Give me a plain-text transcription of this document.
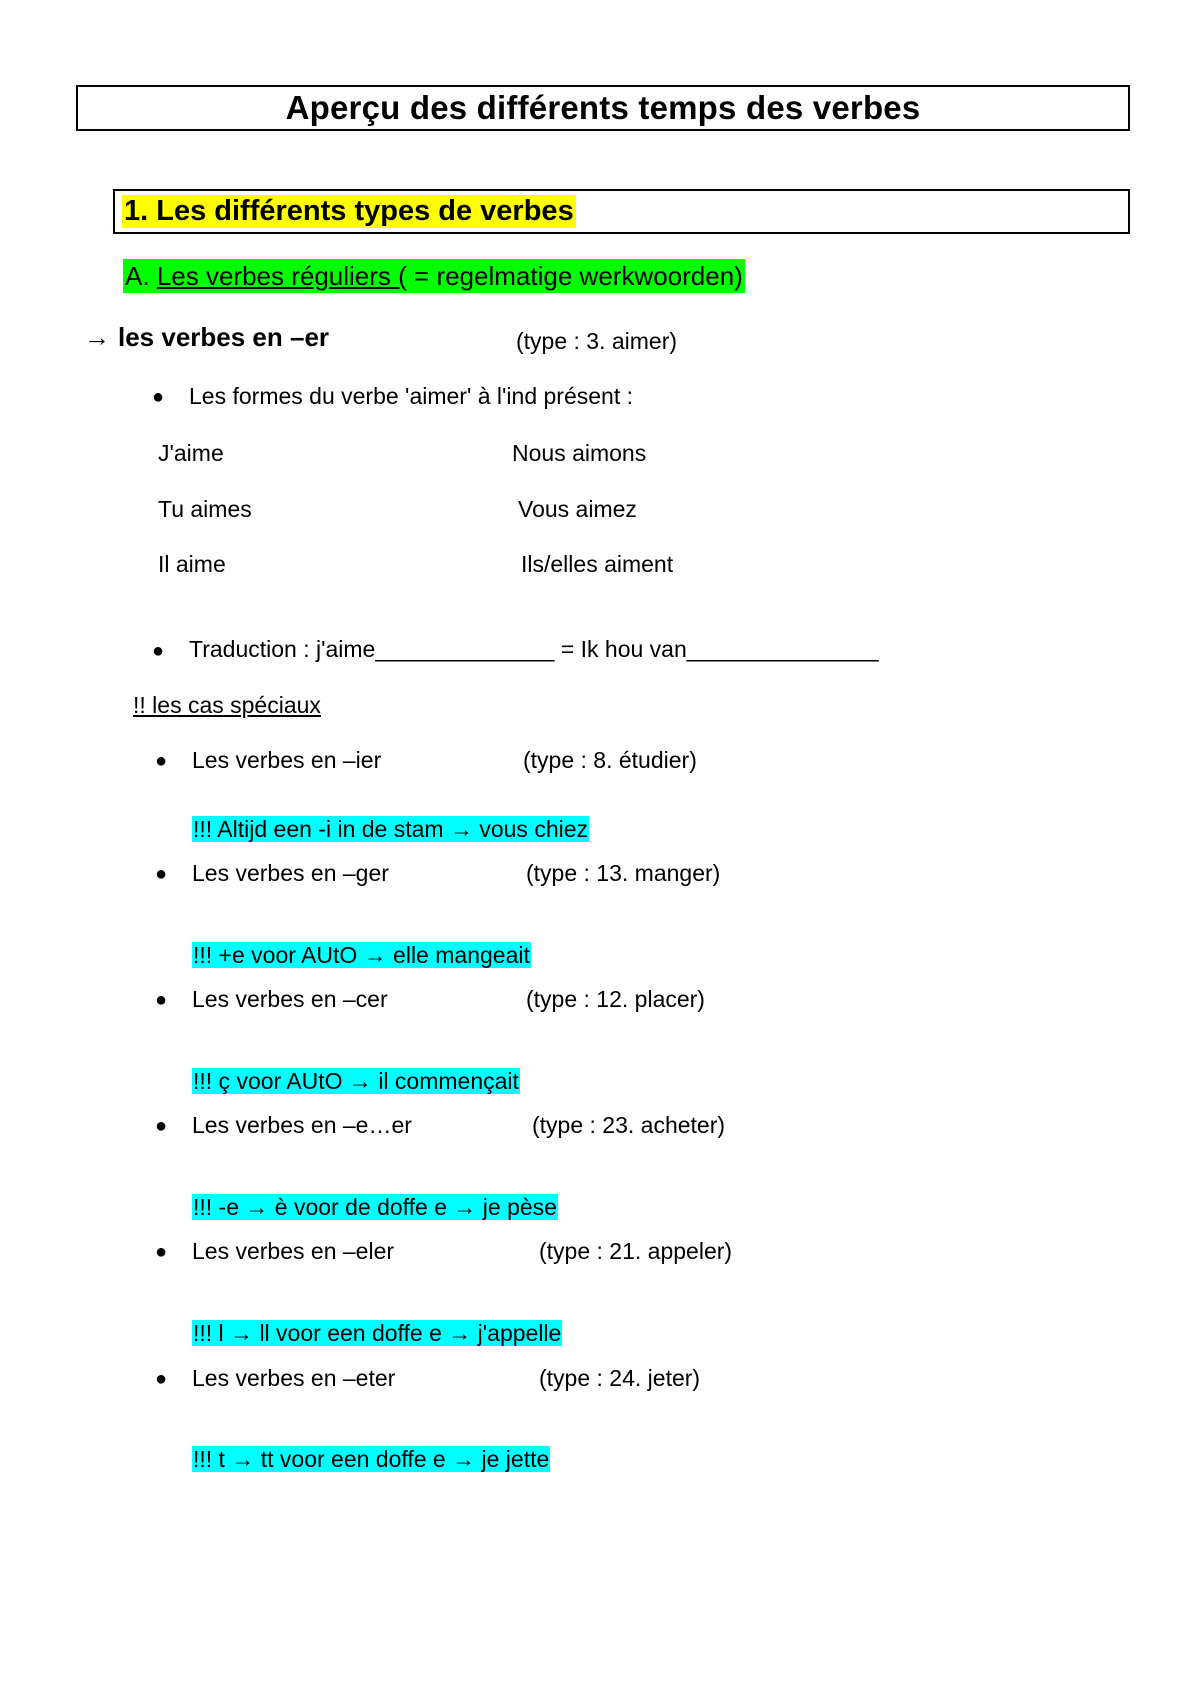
Aperçu des différents temps des verbes
1. Les différents types de verbes
A. Les verbes réguliers ( = regelmatige werkwoorden)
→ les verbes en –er	(type : 3. aimer)
● Les formes du verbe 'aimer' à l'ind présent :
J'aime	Nous aimons
Tu aimes	Vous aimez
Il aime	Ils/elles aiment
● Traduction : j'aime______________ = Ik hou van_______________
!! les cas spéciaux
● Les verbes en –ier	(type : 8. étudier)
!!! Altijd een -i in de stam → vous chiez
● Les verbes en –ger	(type : 13. manger)
!!! +e voor AUtO → elle mangeait
● Les verbes en –cer	(type : 12. placer)
!!! ç voor AUtO → il commençait
● Les verbes en –e…er	(type : 23. acheter)
!!! -e → è voor de doffe e → je pèse
● Les verbes en –eler	(type : 21. appeler)
!!! l → ll voor een doffe e → j'appelle
● Les verbes en –eter	(type : 24. jeter)
!!! t → tt voor een doffe e → je jette
